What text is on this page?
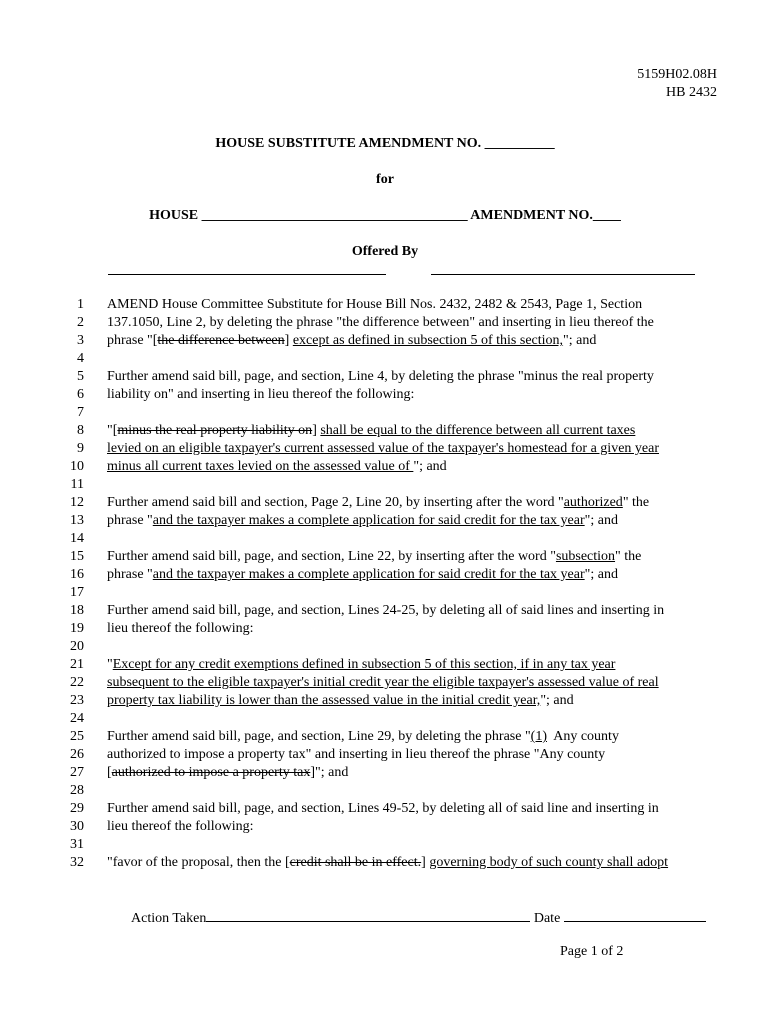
5159H02.08H
HB 2432
HOUSE SUBSTITUTE AMENDMENT NO. __________
for
HOUSE ______________________________________ AMENDMENT NO.____
Offered By
1
2
3
4
5
6
7
8
9
10
11
12
13
14
15
16
17
18
19
20
21
22
23
24
25
26
27
28
29
30
31
32
AMEND House Committee Substitute for House Bill Nos. 2432, 2482 & 2543, Page 1, Section
137.1050, Line 2, by deleting the phrase "the difference between" and inserting in lieu thereof the
phrase "[the difference between] except as defined in subsection 5 of this section,"; and
Further amend said bill, page, and section, Line 4, by deleting the phrase "minus the real property
liability on" and inserting in lieu thereof the following:
"[minus the real property liability on] shall be equal to the difference between all current taxes
levied on an eligible taxpayer's current assessed value of the taxpayer's homestead for a given year
minus all current taxes levied on the assessed value of "; and
Further amend said bill and section, Page 2, Line 20, by inserting after the word "authorized" the
phrase "and the taxpayer makes a complete application for said credit for the tax year"; and
Further amend said bill, page, and section, Line 22, by inserting after the word "subsection" the
phrase "and the taxpayer makes a complete application for said credit for the tax year"; and
Further amend said bill, page, and section, Lines 24-25, by deleting all of said lines and inserting in
lieu thereof the following:
"Except for any credit exemptions defined in subsection 5 of this section, if in any tax year
subsequent to the eligible taxpayer's initial credit year the eligible taxpayer's assessed value of real
property tax liability is lower than the assessed value in the initial credit year,"; and
Further amend said bill, page, and section, Line 29, by deleting the phrase "(1)  Any county
authorized to impose a property tax" and inserting in lieu thereof the phrase "Any county
[authorized to impose a property tax]"; and
Further amend said bill, page, and section, Lines 49-52, by deleting all of said line and inserting in
lieu thereof the following:
"favor of the proposal, then the [credit shall be in effect.] governing body of such county shall adopt
Action Taken	Date
Page 1 of 2
